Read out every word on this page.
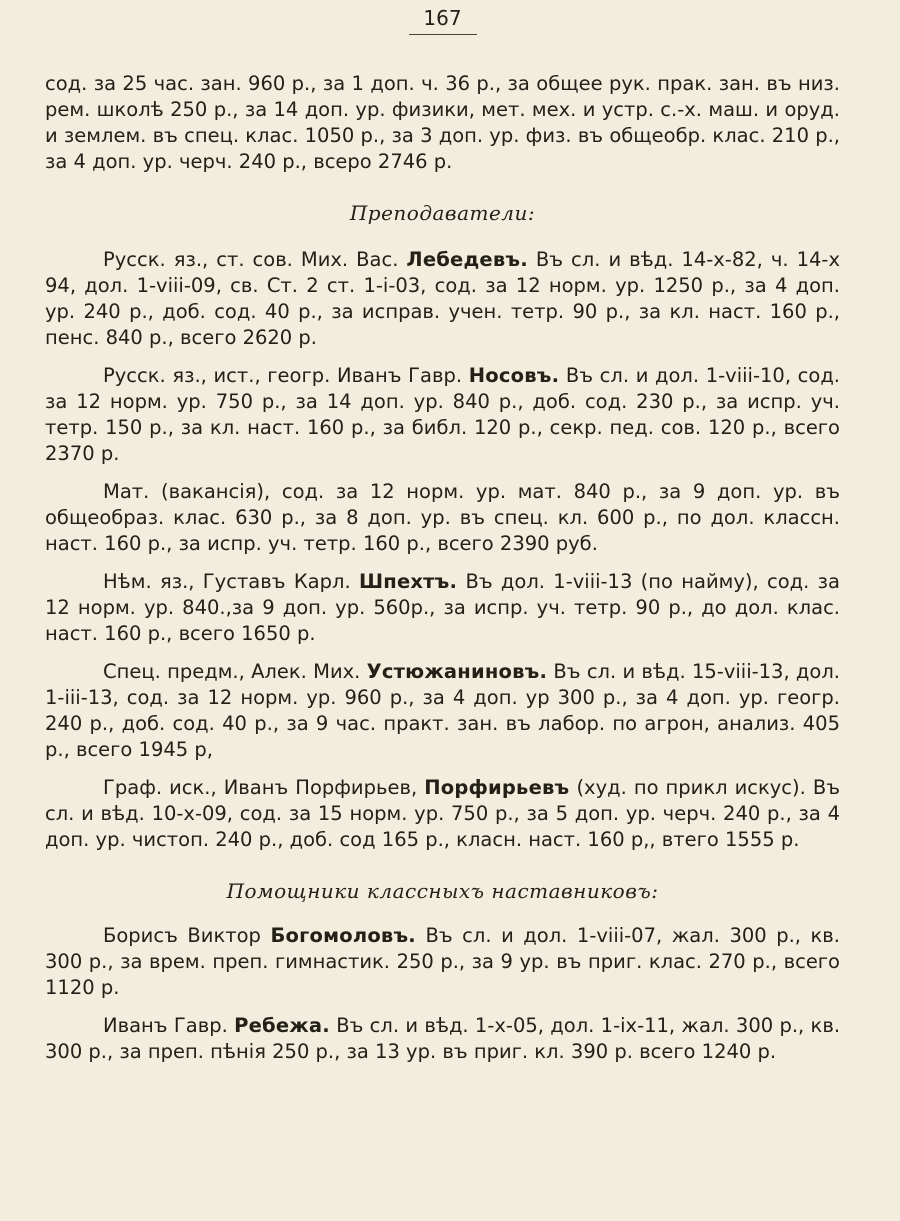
167

сод. за 25 час. зан. 960 р., за 1 доп. ч. 36 р., за общее рук. прак. зан. въ низ. рем. школѣ 250 р., за 14 доп. ур. физики, мет. мех. и устр. с.-х. маш. и оруд. и землем. въ спец. клас. 1050 р., за 3 доп. ур. физ. въ общеобр. клас. 210 р., за 4 доп. ур. черч. 240 р., всеро 2746 р.

Преподаватели:

Русск. яз., ст. сов. Мих. Вас. Лебедевъ. Въ сл. и вѣд. 14-х-82, ч. 14-х 94, дол. 1-viii-09, св. Ст. 2 ст. 1-i-03, сод. за 12 норм. ур. 1250 р., за 4 доп. ур. 240 р., доб. сод. 40 р., за исправ. учен. тетр. 90 р., за кл. наст. 160 р., пенс. 840 р., всего 2620 р.

Русск. яз., ист., геогр. Иванъ Гавр. Носовъ. Въ сл. и дол. 1-viii-10, сод. за 12 норм. ур. 750 р., за 14 доп. ур. 840 р., доб. сод. 230 р., за испр. уч. тетр. 150 р., за кл. наст. 160 р., за библ. 120 р., секр. пед. сов. 120 р., всего 2370 р.

Мат. (вакансія), сод. за 12 норм. ур. мат. 840 р., за 9 доп. ур. въ общеобраз. клас. 630 р., за 8 доп. ур. въ спец. кл. 600 р., по дол. классн. наст. 160 р., за испр. уч. тетр. 160 р., всего 2390 руб.

Нѣм. яз., Густавъ Карл. Шпехтъ. Въ дол. 1-viii-13 (по найму), сод. за 12 норм. ур. 840.,за 9 доп. ур. 560р., за испр. уч. тетр. 90 р., до дол. клас. наст. 160 р., всего 1650 р.

Спец. предм., Алек. Мих. Устюжаниновъ. Въ сл. и вѣд. 15-viii-13, дол. 1-iii-13, сод. за 12 норм. ур. 960 р., за 4 доп. ур 300 р., за 4 доп. ур. геогр. 240 р., доб. сод. 40 р., за 9 час. практ. зан. въ лабор. по агрон, анализ. 405 р., всего 1945 р,

Граф. иск., Иванъ Порфирьев, Порфирьевъ (худ. по прикл искус). Въ сл. и вѣд. 10-х-09, сод. за 15 норм. ур. 750 р., за 5 доп. ур. черч. 240 р., за 4 доп. ур. чистоп. 240 р., доб. сод 165 р., класн. наст. 160 р,, втего 1555 р.

Помощники классныхъ наставниковъ:

Борисъ Виктор Богомоловъ. Въ сл. и дол. 1-viii-07, жал. 300 р., кв. 300 р., за врем. преп. гимнастик. 250 р., за 9 ур. въ приг. клас. 270 р., всего 1120 р.

Иванъ Гавр. Ребежа. Въ сл. и вѣд. 1-х-05, дол. 1-ix-11, жал. 300 р., кв. 300 р., за преп. пѣнія 250 р., за 13 ур. въ приг. кл. 390 р. всего 1240 р.
